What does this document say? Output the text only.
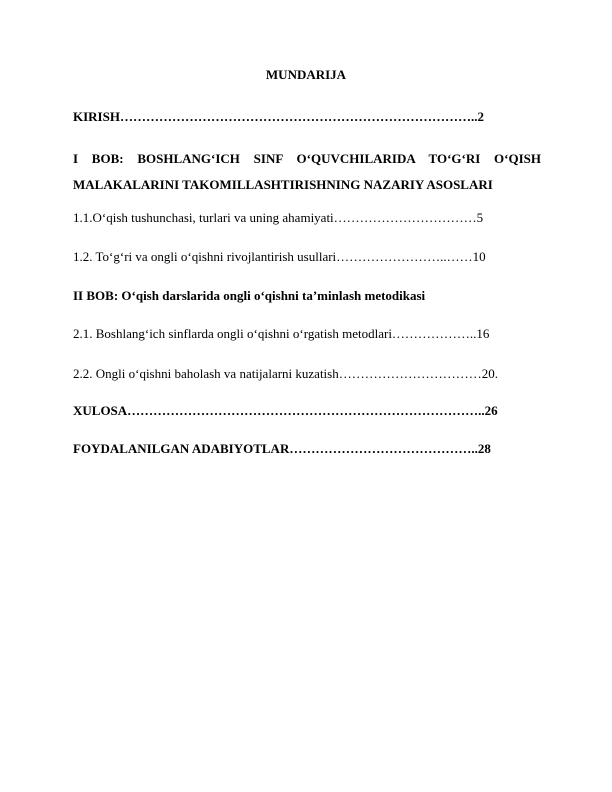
MUNDARIJA
KIRISH………………………………………………………………………..2
I BOB: BOSHLANG‘ICH SINF O‘QUVCHILARIDA TO‘G‘RI O‘QISH MALAKALARINI TAKOMILLASHTIRISHNING NAZARIY ASOSLARI
1.1.O‘qish tushunchasi, turlari va uning ahamiyati……………………………5
1.2. To‘g‘ri va ongli o‘qishni rivojlantirish usullari……………………..……10
II BOB: O‘qish darslarida ongli o‘qishni ta’minlash metodikasi
2.1. Boshlang‘ich sinflarda ongli o‘qishni o‘rgatish metodlari………………..16
2.2. Ongli o‘qishni baholash va natijalarni kuzatish……………………………20.
XULOSA………………………………………………………………………..26
FOYDALANILGAN ADABIYOTLAR……………………………………..28
